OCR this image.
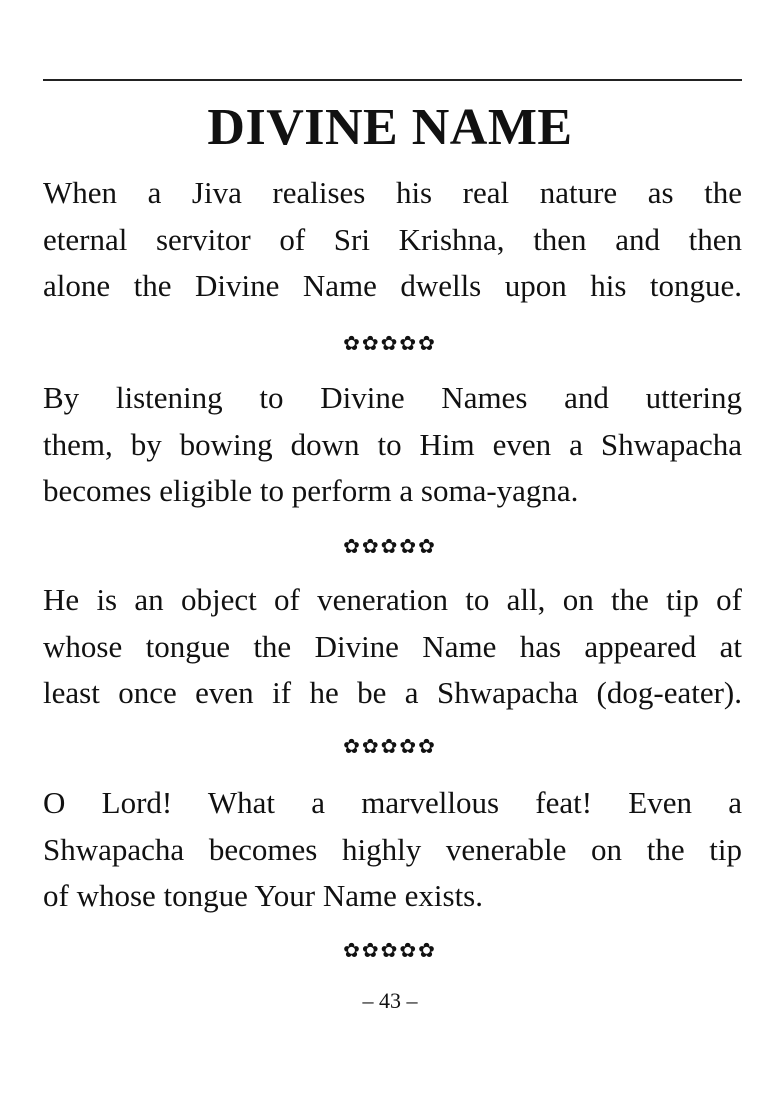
DIVINE NAME
When a Jiva realises his real nature as the
eternal servitor of Sri Krishna, then and then
alone the Divine Name dwells upon his tongue.
✿✿✿✿✿
By listening to Divine Names and uttering
them, by bowing down to Him even a Shwapacha
becomes eligible to perform a soma-yagna.
✿✿✿✿✿
He is an object of veneration to all, on the tip of
whose tongue the Divine Name has appeared at
least once even if he be a Shwapacha (dog-eater).
✿✿✿✿✿
O Lord! What a marvellous feat! Even a
Shwapacha becomes highly venerable on the tip
of whose tongue Your Name exists.
✿✿✿✿✿
– 43 –
